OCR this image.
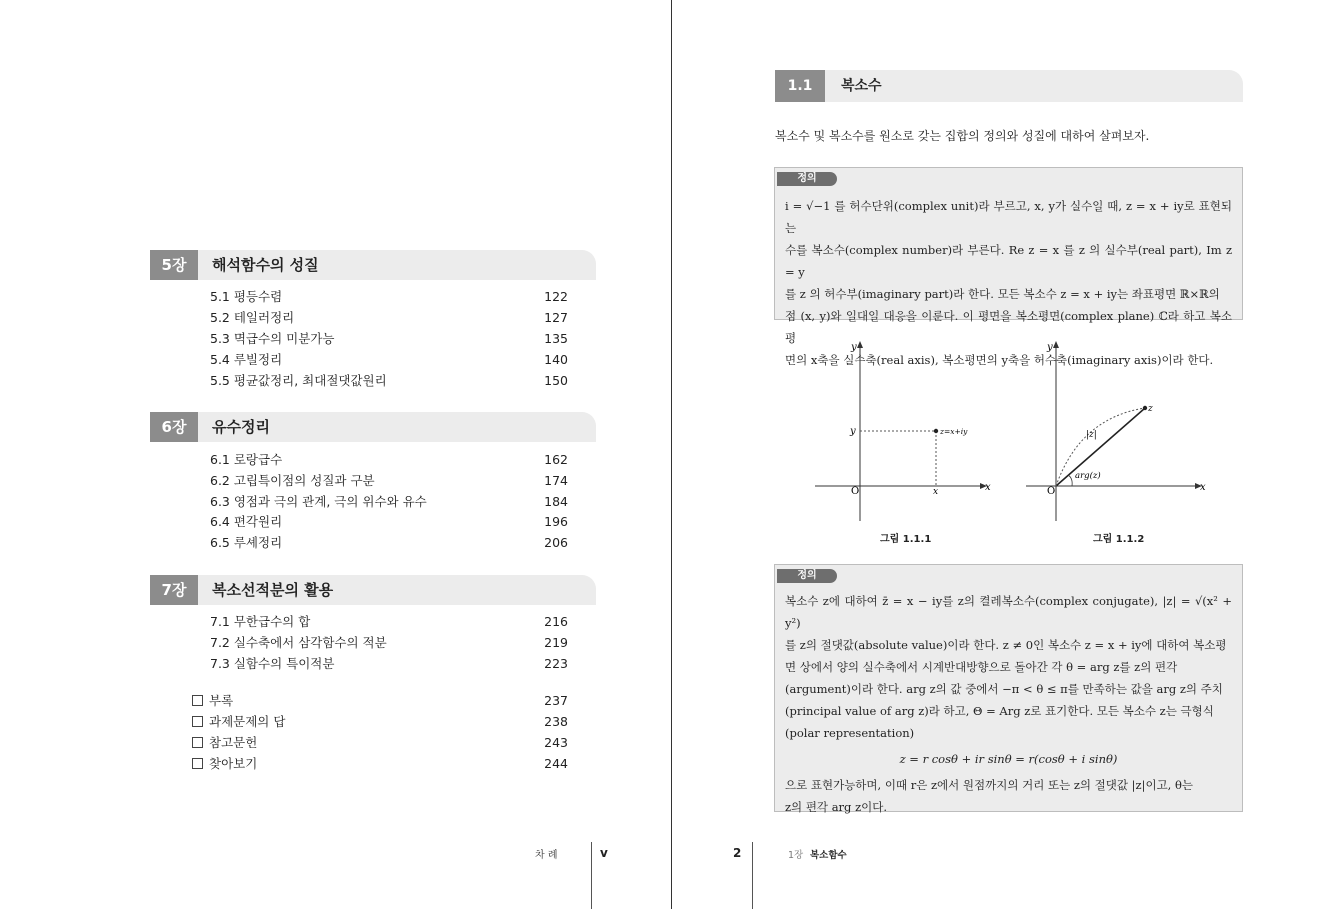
5장	해석함수의 성질
5.1 평등수렴	122
5.2 테일러정리	127
5.3 멱급수의 미분가능	135
5.4 루빌정리	140
5.5 평균값정리, 최대절댓값원리	150
6장	유수정리
6.1 로랑급수	162
6.2 고립특이점의 성질과 구분	174
6.3 영점과 극의 관계, 극의 위수와 유수	184
6.4 편각원리	196
6.5 루셰정리	206
7장	복소선적분의 활용
7.1 무한급수의 합	216
7.2 실수축에서 삼각함수의 적분	219
7.3 실함수의 특이적분	223
부록	237
과제문제의 답	238
참고문헌	243
찾아보기	244
차 례	v
1.1	복소수
복소수 및 복소수를 원소로 갖는 집합의 정의와 성질에 대하여 살펴보자.
정의

i = √−1 를 허수단위(complex unit)라 부르고, x, y가 실수일 때, z = x + iy로 표현되는

수를 복소수(complex number)라 부른다. Re z = x 를 z 의 실수부(real part), Im z = y

를 z 의 허수부(imaginary part)라 한다. 모든 복소수 z = x + iy는 좌표평면 ℝ×ℝ의

점 (x, y)와 일대일 대응을 이룬다. 이 평면을 복소평면(complex plane) ℂ라 하고 복소평

면의 x축을 실수축(real axis), 복소평면의 y축을 허수축(imaginary axis)이라 한다.

y
x
O
y
x
z=x+iy
그림 1.1.1
y
x
O
z
|z|
arg(z)
그림 1.1.2
정의

복소수 z에 대하여 z̄ = x − iy를 z의 켤레복소수(complex conjugate), |z| = √(x² + y²)

를 z의 절댓값(absolute value)이라 한다. z ≠ 0인 복소수 z = x + iy에 대하여 복소평

면 상에서 양의 실수축에서 시계반대방향으로 돌아간 각 θ = arg z를 z의 편각

(argument)이라 한다. arg z의 값 중에서 −π < θ ≤ π를 만족하는 값을 arg z의 주치

(principal value of arg z)라 하고, Θ = Arg z로 표기한다. 모든 복소수 z는 극형식

(polar representation)

z = r cosθ + ir sinθ = r(cosθ + i sinθ)

으로 표현가능하며, 이때 r은 z에서 원점까지의 거리 또는 z의 절댓값 |z|이고, θ는

z의 편각 arg z이다.

2	1장 복소함수
